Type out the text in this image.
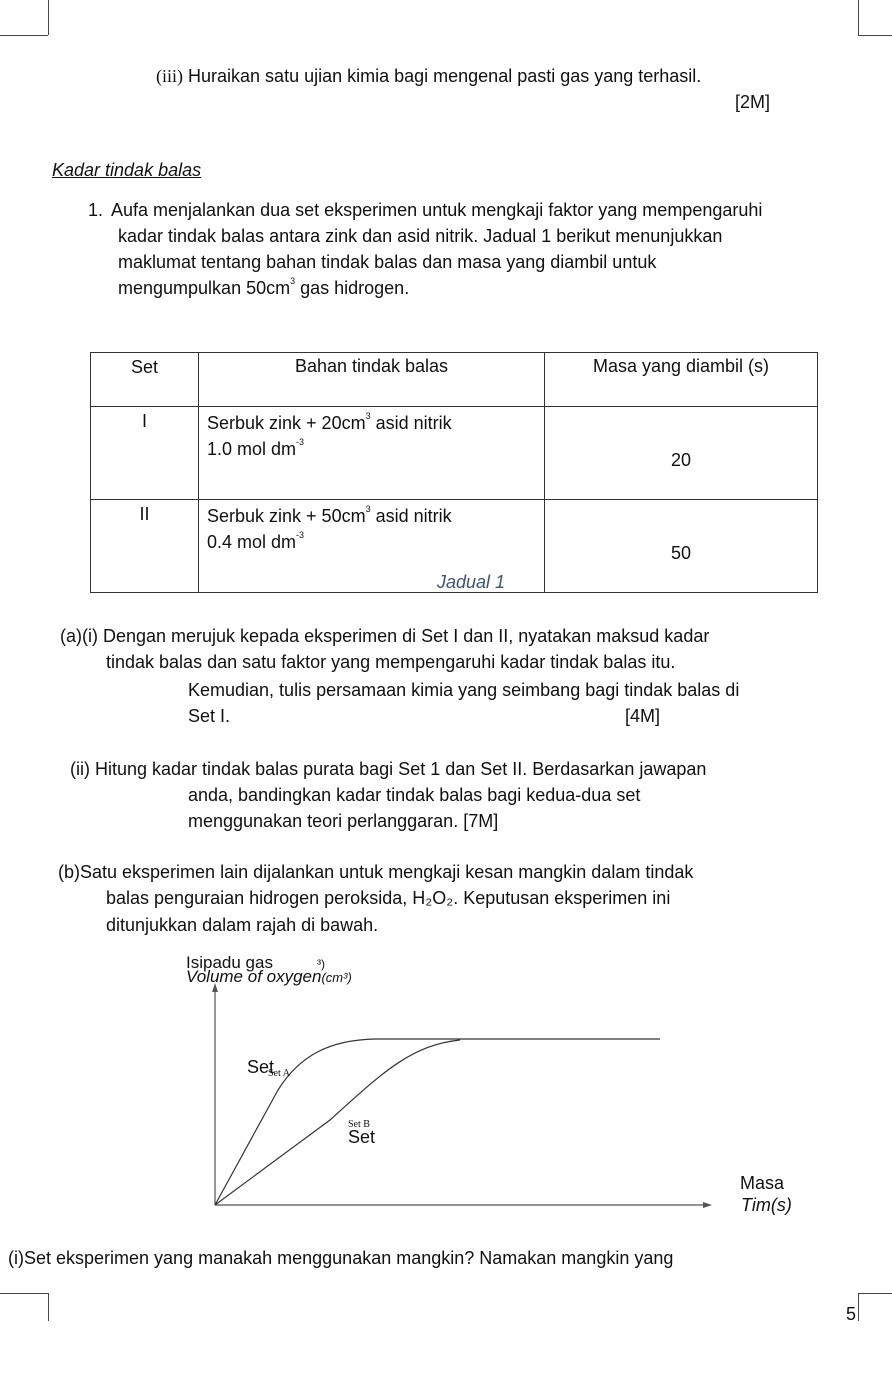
(iii) Huraikan satu ujian kimia bagi mengenal pasti gas yang terhasil.
[2M]
Kadar tindak balas
1. Aufa menjalankan dua set eksperimen untuk mengkaji faktor yang mempengaruhi
kadar tindak balas antara zink dan asid nitrik. Jadual 1 berikut menunjukkan
maklumat tentang bahan tindak balas dan masa yang diambil untuk
mengumpulkan $50cm^3$ gas hidrogen.
Set	Bahan tindak balas	Masa yang diambil (s)
I	Serbuk zink + $20cm^3$ asid nitrik
1.0 mol $dm^{-3}$	20
II	Serbuk zink + $50cm^3$ asid nitrik
0.4 mol $dm^{-3}$	50
Jadual 1
(a)(i) Dengan merujuk kepada eksperimen di Set I dan II, nyatakan maksud kadar
tindak balas dan satu faktor yang mempengaruhi kadar tindak balas itu.
Kemudian, tulis persamaan kimia yang seimbang bagi tindak balas di
Set I.	[4M]
(ii) Hitung kadar tindak balas purata bagi Set 1 dan Set II. Berdasarkan jawapan
anda, bandingkan kadar tindak balas bagi kedua-dua set
menggunakan teori perlanggaran. [7M]
(b)Satu eksperimen lain dijalankan untuk mengkaji kesan mangkin dalam tindak
balas penguraian hidrogen peroksida, H₂O₂. Keputusan eksperimen ini
ditunjukkan dalam rajah di bawah.
Isipadu gas	³)
Volume of oxygen(cm³)
Set
Set A
Set B
Set
Masa
Tim(s)
(i)Set eksperimen yang manakah menggunakan mangkin? Namakan mangkin yang
5
